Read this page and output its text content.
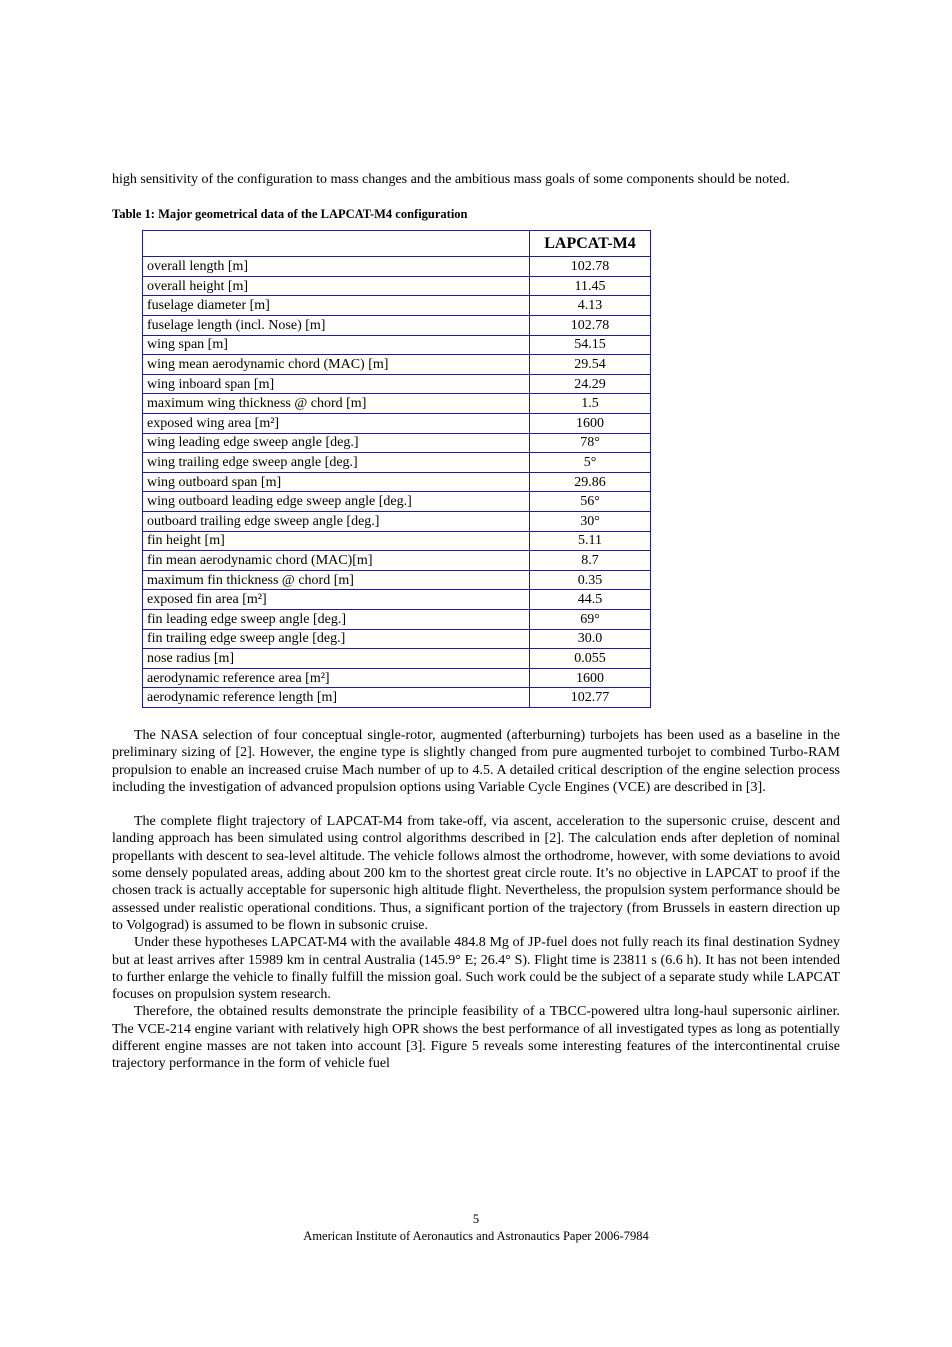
high sensitivity of the configuration to mass changes and the ambitious mass goals of some components should be noted.

Table 1: Major geometrical data of the LAPCAT-M4 configuration
	LAPCAT-M4
overall length [m]	102.78
overall height [m]	11.45
fuselage diameter [m]	4.13
fuselage length (incl. Nose) [m]	102.78
wing span [m]	54.15
wing mean aerodynamic chord (MAC) [m]	29.54
wing inboard span [m]	24.29
maximum wing thickness @ chord [m]	1.5
exposed wing area [m²]	1600
wing leading edge sweep angle [deg.]	78°
wing trailing edge sweep angle [deg.]	5°
wing outboard span [m]	29.86
wing outboard leading edge sweep angle [deg.]	56°
outboard trailing edge sweep angle [deg.]	30°
fin height [m]	5.11
fin mean aerodynamic chord (MAC)[m]	8.7
maximum fin thickness @ chord [m]	0.35
exposed fin area [m²]	44.5
fin leading edge sweep angle [deg.]	69°
fin trailing edge sweep angle [deg.]	30.0
nose radius [m]	0.055
aerodynamic reference area [m²]	1600
aerodynamic reference length [m]	102.77

The NASA selection of four conceptual single-rotor, augmented (afterburning) turbojets has been used as a baseline in the preliminary sizing of [2]. However, the engine type is slightly changed from pure augmented turbojet to combined Turbo-RAM propulsion to enable an increased cruise Mach number of up to 4.5. A detailed critical description of the engine selection process including the investigation of advanced propulsion options using Variable Cycle Engines (VCE) are described in [3].

The complete flight trajectory of LAPCAT-M4 from take-off, via ascent, acceleration to the supersonic cruise, descent and landing approach has been simulated using control algorithms described in [2]. The calculation ends after depletion of nominal propellants with descent to sea-level altitude. The vehicle follows almost the orthodrome, however, with some deviations to avoid some densely populated areas, adding about 200 km to the shortest great circle route. It’s no objective in LAPCAT to proof if the chosen track is actually acceptable for supersonic high altitude flight. Nevertheless, the propulsion system performance should be assessed under realistic operational conditions. Thus, a significant portion of the trajectory (from Brussels in eastern direction up to Volgograd) is assumed to be flown in subsonic cruise.

Under these hypotheses LAPCAT-M4 with the available 484.8 Mg of JP-fuel does not fully reach its final destination Sydney but at least arrives after 15989 km in central Australia (145.9° E; 26.4° S). Flight time is 23811 s (6.6 h). It has not been intended to further enlarge the vehicle to finally fulfill the mission goal. Such work could be the subject of a separate study while LAPCAT focuses on propulsion system research.

Therefore, the obtained results demonstrate the principle feasibility of a TBCC-powered ultra long-haul supersonic airliner. The VCE-214 engine variant with relatively high OPR shows the best performance of all investigated types as long as potentially different engine masses are not taken into account [3]. Figure 5 reveals some interesting features of the intercontinental cruise trajectory performance in the form of vehicle fuel

5
American Institute of Aeronautics and Astronautics Paper 2006-7984
